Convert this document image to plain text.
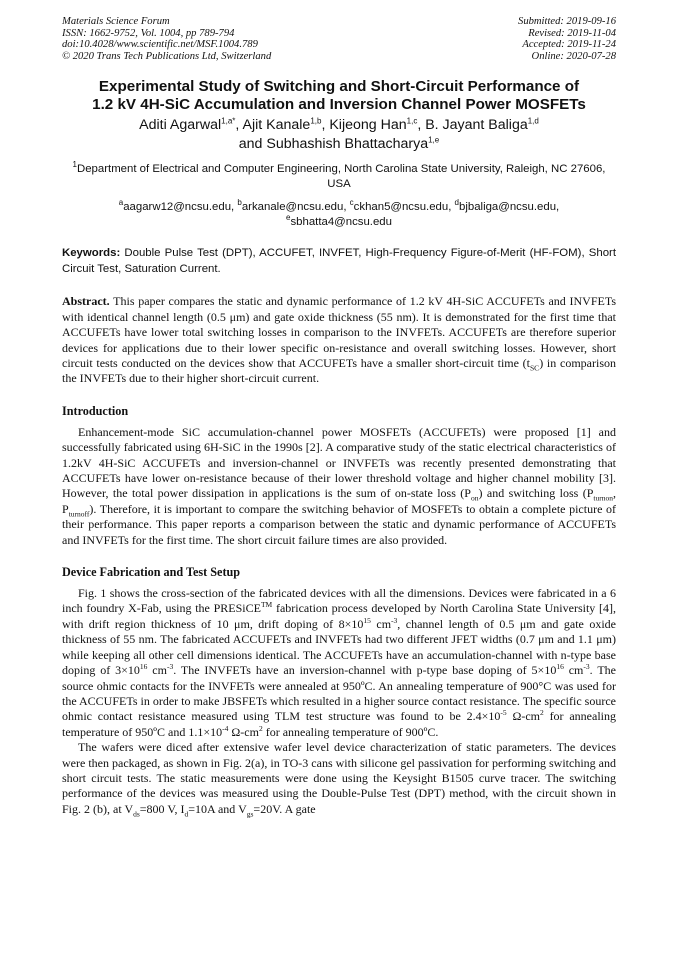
Materials Science Forum
ISSN: 1662-9752, Vol. 1004, pp 789-794
doi:10.4028/www.scientific.net/MSF.1004.789
© 2020 Trans Tech Publications Ltd, Switzerland
Submitted: 2019-09-16
Revised: 2019-11-04
Accepted: 2019-11-24
Online: 2020-07-28
Experimental Study of Switching and Short-Circuit Performance of
1.2 kV 4H-SiC Accumulation and Inversion Channel Power MOSFETs
Aditi Agarwal$^{1,a*}$, Ajit Kanale$^{1,b}$, Kijeong Han$^{1,c}$, B. Jayant Baliga$^{1,d}$
and Subhashish Bhattacharya$^{1,e}$
$^1$Department of Electrical and Computer Engineering, North Carolina State University, Raleigh, NC 27606, USA
$^a$aagarw12@ncsu.edu, $^b$arkanale@ncsu.edu, $^c$ckhan5@ncsu.edu, $^d$bjbaliga@ncsu.edu,
$^e$sbhatta4@ncsu.edu
Keywords: Double Pulse Test (DPT), ACCUFET, INVFET, High-Frequency Figure-of-Merit (HF-FOM), Short Circuit Test, Saturation Current.
Abstract. This paper compares the static and dynamic performance of 1.2 kV 4H-SiC ACCUFETs and INVFETs with identical channel length (0.5 μm) and gate oxide thickness (55 nm). It is demonstrated for the first time that ACCUFETs have lower total switching losses in comparison to the INVFETs. ACCUFETs are therefore superior devices for applications due to their lower specific on-resistance and overall switching losses. However, short circuit tests conducted on the devices show that ACCUFETs have a smaller short-circuit time $(t_{SC})$ in comparison the INVFETs due to their higher short-circuit current.
Introduction
Enhancement-mode SiC accumulation-channel power MOSFETs (ACCUFETs) were proposed [1] and successfully fabricated using 6H-SiC in the 1990s [2]. A comparative study of the static electrical characteristics of 1.2kV 4H-SiC ACCUFETs and inversion-channel or INVFETs was recently presented demonstrating that ACCUFETs have lower on-resistance because of their lower threshold voltage and higher channel mobility [3]. However, the total power dissipation in applications is the sum of on-state loss $(P_{on})$ and switching loss ($P_{turnon}$, $P_{turnoff}$). Therefore, it is important to compare the switching behavior of MOSFETs to obtain a complete picture of their performance. This paper reports a comparison between the static and dynamic performance of ACCUFETs and INVFETs for the first time. The short circuit failure times are also provided.
Device Fabrication and Test Setup
Fig. 1 shows the cross-section of the fabricated devices with all the dimensions. Devices were fabricated in a 6 inch foundry X-Fab, using the PRESiCE™ fabrication process developed by North Carolina State University [4], with drift region thickness of 10 μm, drift doping of $8\times 10^{15}$ $cm^{-3}$, channel length of 0.5 μm and gate oxide thickness of 55 nm. The fabricated ACCUFETs and INVFETs had two different JFET widths (0.7 μm and 1.1 μm) while keeping all other cell dimensions identical. The ACCUFETs have an accumulation-channel with n-type base doping of $3\times 10^{16}$ $cm^{-3}$. The INVFETs have an inversion-channel with p-type base doping of $5\times 10^{16}$ $cm^{-3}$. The source ohmic contacts for the INVFETs were annealed at 950ºC. An annealing temperature of 900°C was used for the ACCUFETs in order to make JBSFETs which resulted in a higher source contact resistance. The specific source ohmic contact resistance measured using TLM test structure was found to be $2.4\times 10^{-5}$ $\Omega-cm^2$ for annealing temperature of 950ºC and $1.1\times 10^{-4}$ $\Omega-cm^2$ for annealing temperature of 900ºC.
The wafers were diced after extensive wafer level device characterization of static parameters. The devices were then packaged, as shown in Fig. 2(a), in TO-3 cans with silicone gel passivation for performing switching and short circuit tests. The static measurements were done using the Keysight B1505 curve tracer. The switching performance of the devices was measured using the Double-Pulse Test (DPT) method, with the circuit shown in Fig. 2 (b), at $V_{ds}=800$ V, $I_d=10A$ and $V_{gs}=20V$. A gate
